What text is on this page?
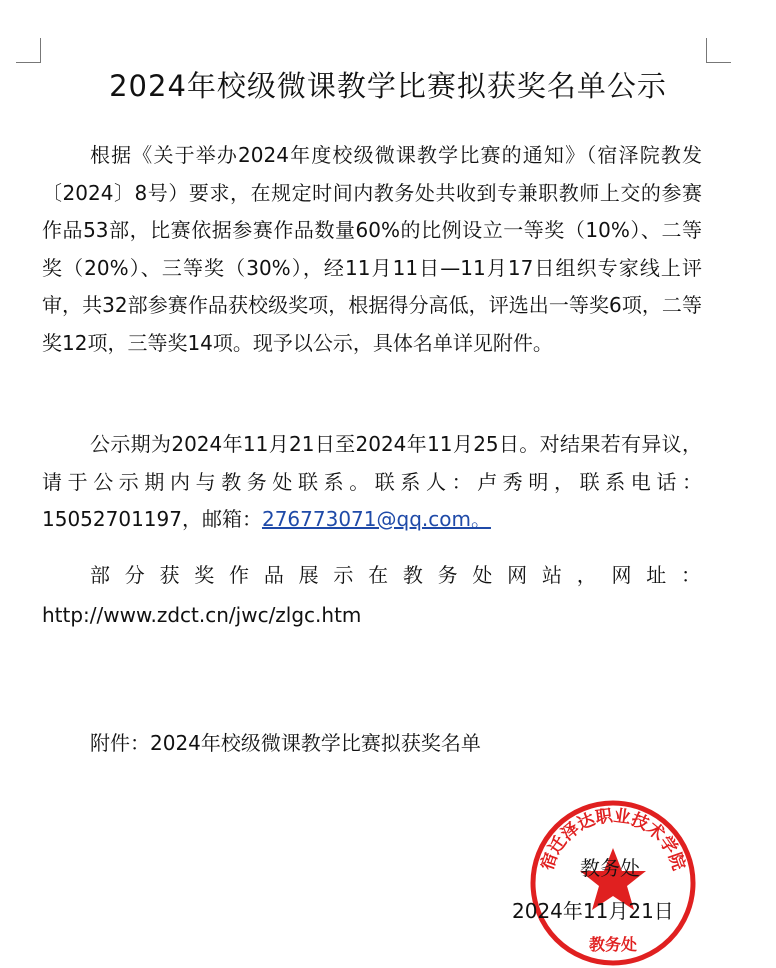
2024年校级微课教学比赛拟获奖名单公示

根据《关于举办2024年度校级微课教学比赛的通知》（宿泽院教发〔2024〕8号）要求，在规定时间内教务处共收到专兼职教师上交的参赛作品53部，比赛依据参赛作品数量60%的比例设立一等奖（10%）、二等奖（20%）、三等奖（30%），经11月11日—11月17日组织专家线上评审，共32部参赛作品获校级奖项，根据得分高低，评选出一等奖6项，二等奖12项，三等奖14项。现予以公示，具体名单详见附件。

公示期为2024年11月21日至2024年11月25日。对结果若有异议，请于公示期内与教务处联系。联系人：卢秀明，联系电话：15052701197，邮箱：276773071@qq.com。

部分获奖作品展示在教务处网站，网址：

http://www.zdct.cn/jwc/zlgc.htm
附件：2024年校级微课教学比赛拟获奖名单
宿迁泽达职业技术学院
教务处
教务处
2024年11月21日
